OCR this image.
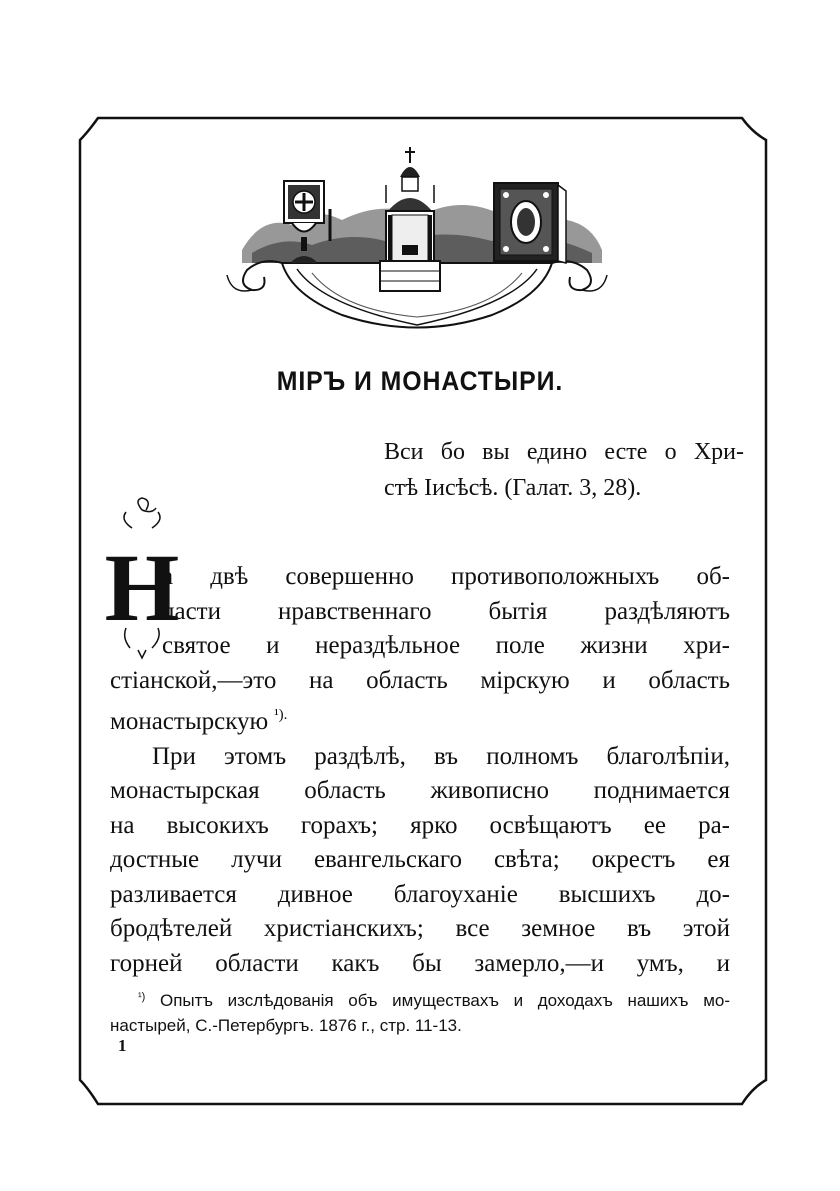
МІРЪ И МОНАСТЫРИ.
Вси бо вы едино есте о Хри-
стѣ Іисѣсѣ. (Галат. 3, 28).
Н
а двѣ совершенно противоположныхъ об-
ласти нравственнаго бытія раздѣляютъ
святое и нераздѣльное поле жизни хри-
стіанской,—это на область мірскую и область
монастырскую $^{^1).}$
При этомъ раздѣлѣ, въ полномъ благолѣпіи,
монастырская область живописно поднимается
на высокихъ горахъ; ярко освѣщаютъ ее ра-
достные лучи евангельскаго свѣта; окрестъ ея
разливается дивное благоуханіе высшихъ до-
бродѣтелей христіанскихъ; все земное въ этой
горней области какъ бы замерло,—и умъ, и
$^{^1)}$ Опытъ изслѣдованія объ имуществахъ и доходахъ нашихъ мо-
настырей, С.-Петербургъ. 1876 г., стр. 11-13.
1
